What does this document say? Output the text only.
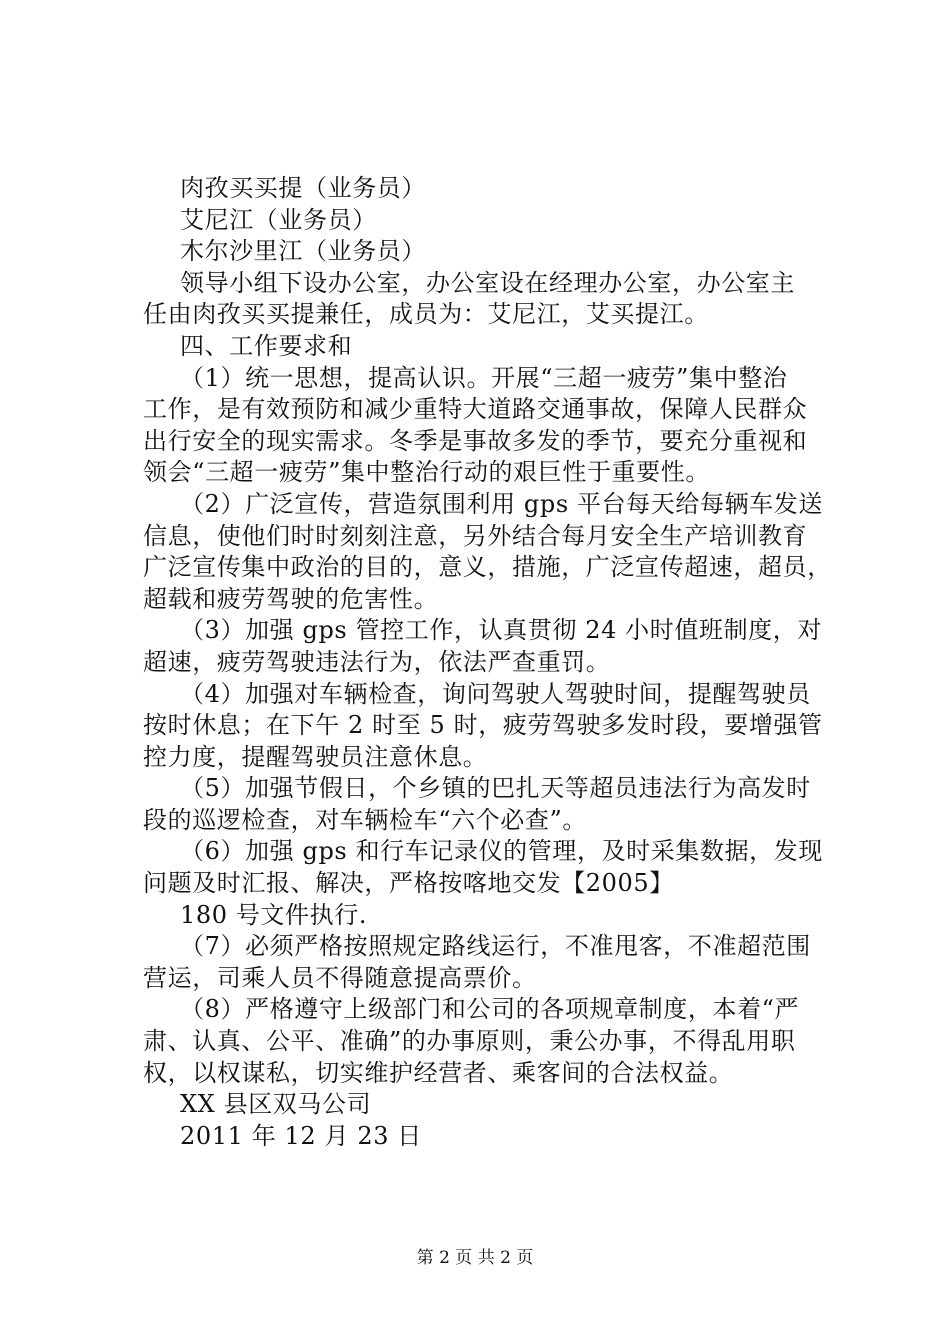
肉孜买买提（业务员）
艾尼江（业务员）
木尔沙里江（业务员）
领导小组下设办公室，办公室设在经理办公室，办公室主
任由肉孜买买提兼任，成员为：艾尼江，艾买提江。
四、工作要求和
（1）统一思想，提高认识。开展“三超一疲劳”集中整治
工作，是有效预防和减少重特大道路交通事故，保障人民群众
出行安全的现实需求。冬季是事故多发的季节，要充分重视和
领会“三超一疲劳”集中整治行动的艰巨性于重要性。
（2）广泛宣传，营造氛围利用 gps 平台每天给每辆车发送
信息，使他们时时刻刻注意，另外结合每月安全生产培训教育
广泛宣传集中政治的目的，意义，措施，广泛宣传超速，超员，
超载和疲劳驾驶的危害性。
（3）加强 gps 管控工作，认真贯彻 24 小时值班制度，对
超速，疲劳驾驶违法行为，依法严查重罚。
（4）加强对车辆检查，询问驾驶人驾驶时间，提醒驾驶员
按时休息；在下午 2 时至 5 时，疲劳驾驶多发时段，要增强管
控力度，提醒驾驶员注意休息。
（5）加强节假日，个乡镇的巴扎天等超员违法行为高发时
段的巡逻检查，对车辆检车“六个必查”。
（6）加强 gps 和行车记录仪的管理，及时采集数据，发现
问题及时汇报、解决，严格按喀地交发【2005】
180 号文件执行.
（7）必须严格按照规定路线运行，不准甩客，不准超范围
营运，司乘人员不得随意提高票价。
（8）严格遵守上级部门和公司的各项规章制度，本着“严
肃、认真、公平、准确”的办事原则，秉公办事，不得乱用职
权，以权谋私，切实维护经营者、乘客间的合法权益。
XX 县区双马公司
2011 年 12 月 23 日
第 2 页 共 2 页
